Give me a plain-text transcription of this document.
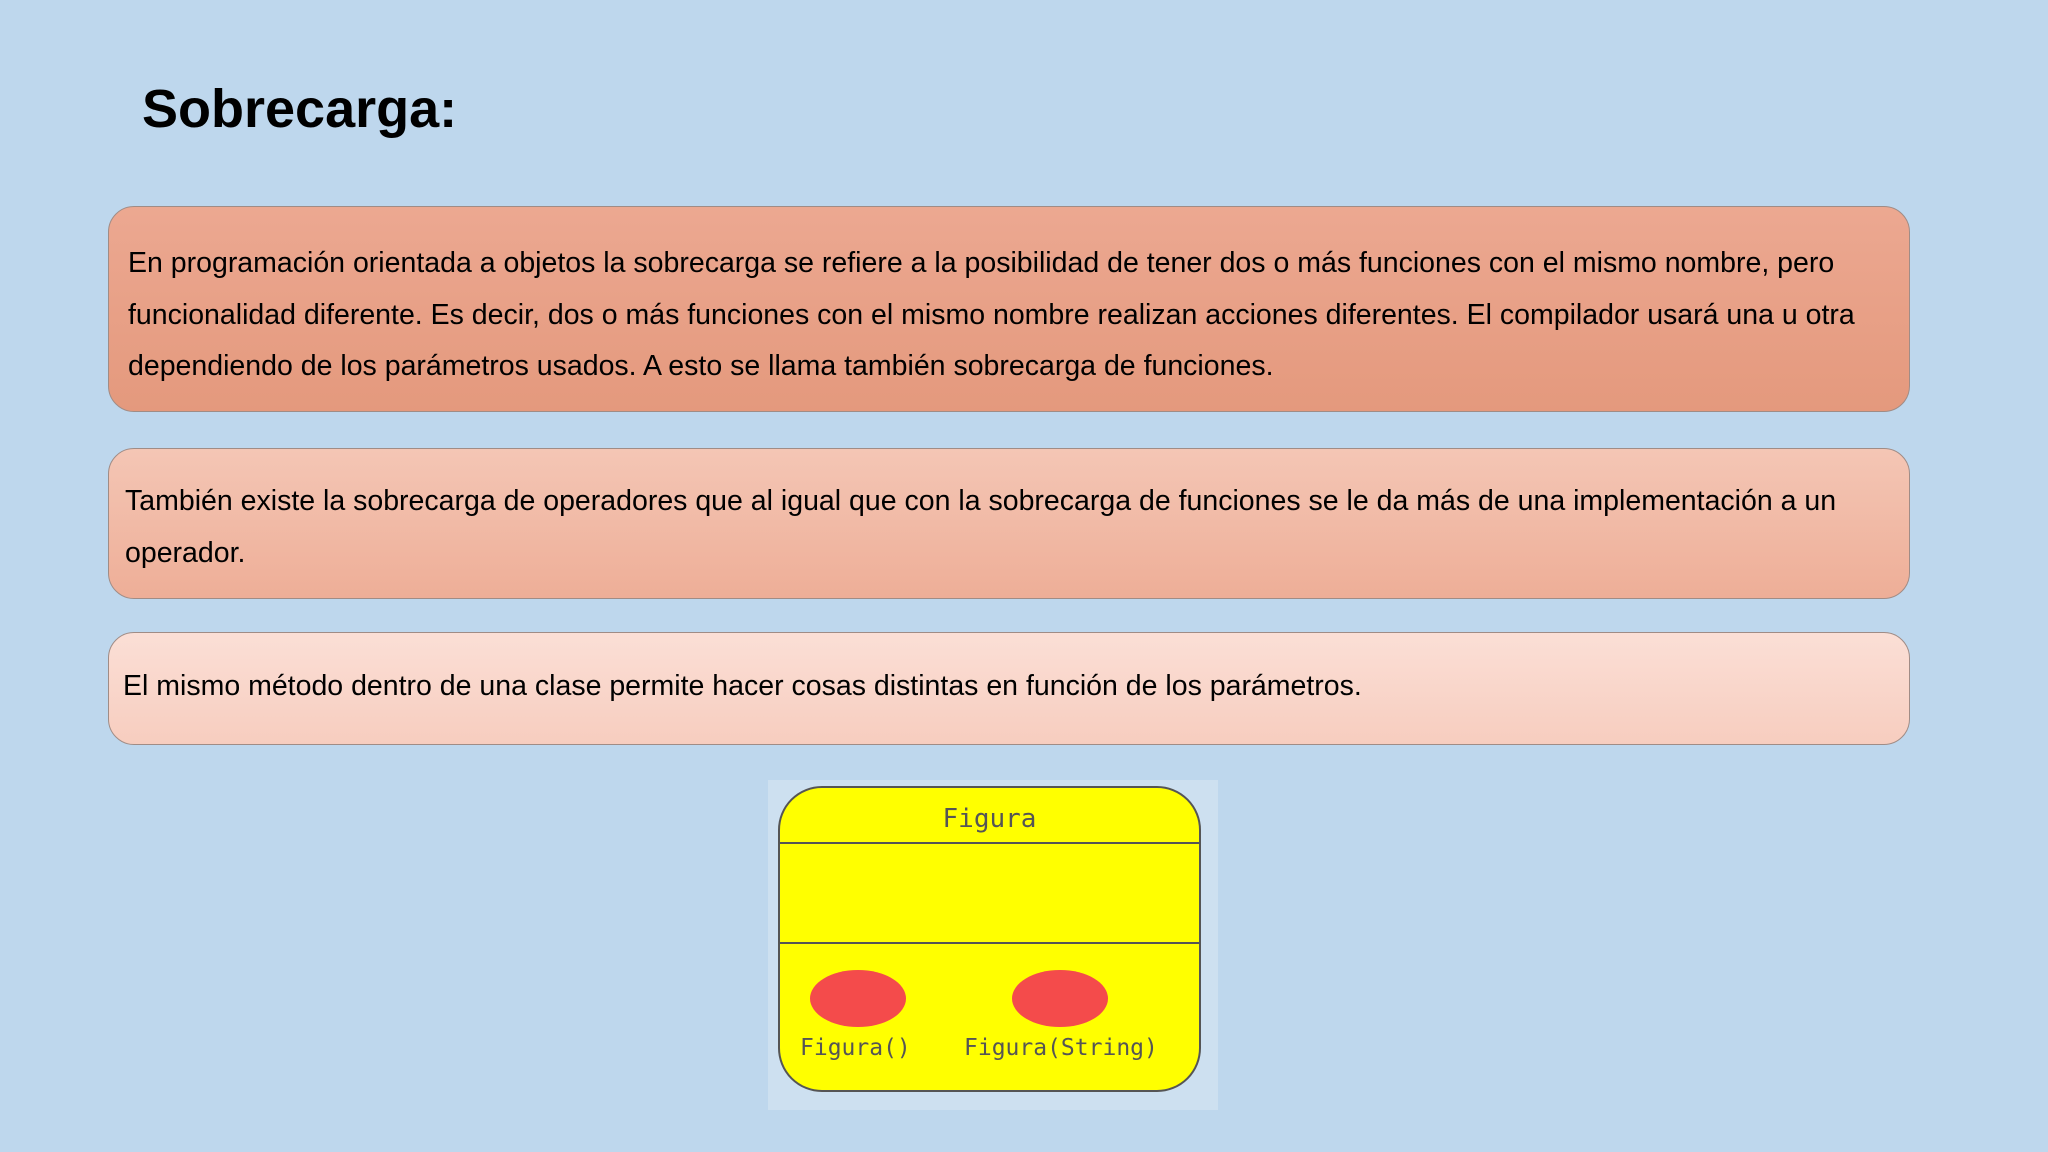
Sobrecarga:
En programación orientada a objetos la sobrecarga se refiere a la posibilidad de tener dos o más funciones con el mismo nombre, pero funcionalidad diferente. Es decir, dos o más funciones con el mismo nombre realizan acciones diferentes. El compilador usará una u otra dependiendo de los parámetros usados. A esto se llama también sobrecarga de funciones.
También existe la sobrecarga de operadores que al igual que con la sobrecarga de funciones se le da más de una implementación a un operador.
El mismo método dentro de una clase permite hacer cosas distintas en función de los parámetros.
Figura
Figura() Figura(String)
